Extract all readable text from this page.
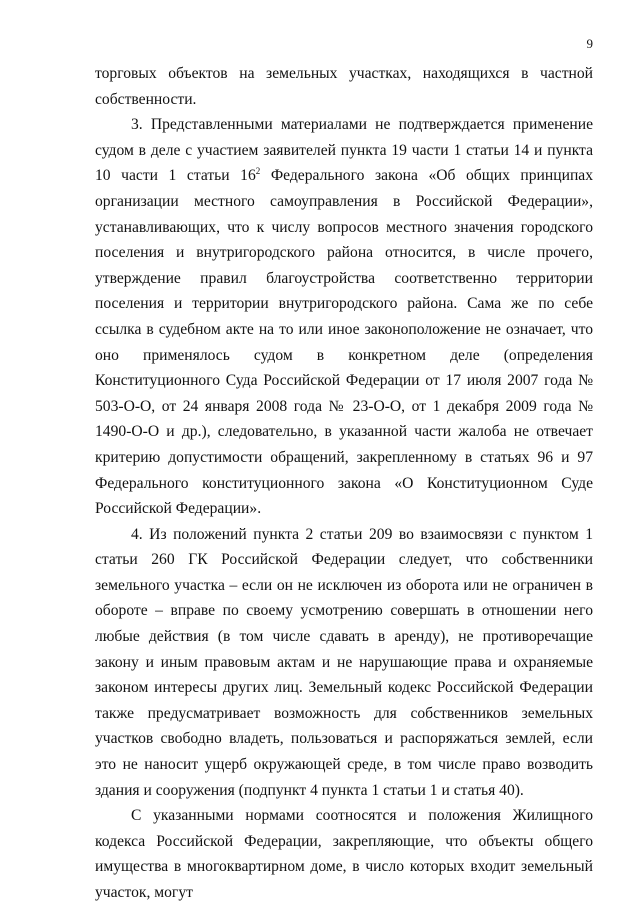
9

торговых объектов на земельных участках, находящихся в частной собственности.

3. Представленными материалами не подтверждается применение судом в деле с участием заявителей пункта 19 части 1 статьи 14 и пункта 10 части 1 статьи $16^2$ Федерального закона «Об общих принципах организации местного самоуправления в Российской Федерации», устанавливающих, что к числу вопросов местного значения городского поселения и внутригородского района относится, в числе прочего, утверждение правил благоустройства соответственно территории поселения и территории внутригородского района. Сама же по себе ссылка в судебном акте на то или иное законоположение не означает, что оно применялось судом в конкретном деле (определения Конституционного Суда Российской Федерации от 17 июля 2007 года № 503-О-О, от 24 января 2008 года № 23-О-О, от 1 декабря 2009 года № 1490-О-О и др.), следовательно, в указанной части жалоба не отвечает критерию допустимости обращений, закрепленному в статьях 96 и 97 Федерального конституционного закона «О Конституционном Суде Российской Федерации».

4. Из положений пункта 2 статьи 209 во взаимосвязи с пунктом 1 статьи 260 ГК Российской Федерации следует, что собственники земельного участка – если он не исключен из оборота или не ограничен в обороте – вправе по своему усмотрению совершать в отношении него любые действия (в том числе сдавать в аренду), не противоречащие закону и иным правовым актам и не нарушающие права и охраняемые законом интересы других лиц. Земельный кодекс Российской Федерации также предусматривает возможность для собственников земельных участков свободно владеть, пользоваться и распоряжаться землей, если это не наносит ущерб окружающей среде, в том числе право возводить здания и сооружения (подпункт 4 пункта 1 статьи 1 и статья 40).

С указанными нормами соотносятся и положения Жилищного кодекса Российской Федерации, закрепляющие, что объекты общего имущества в многоквартирном доме, в число которых входит земельный участок, могут
